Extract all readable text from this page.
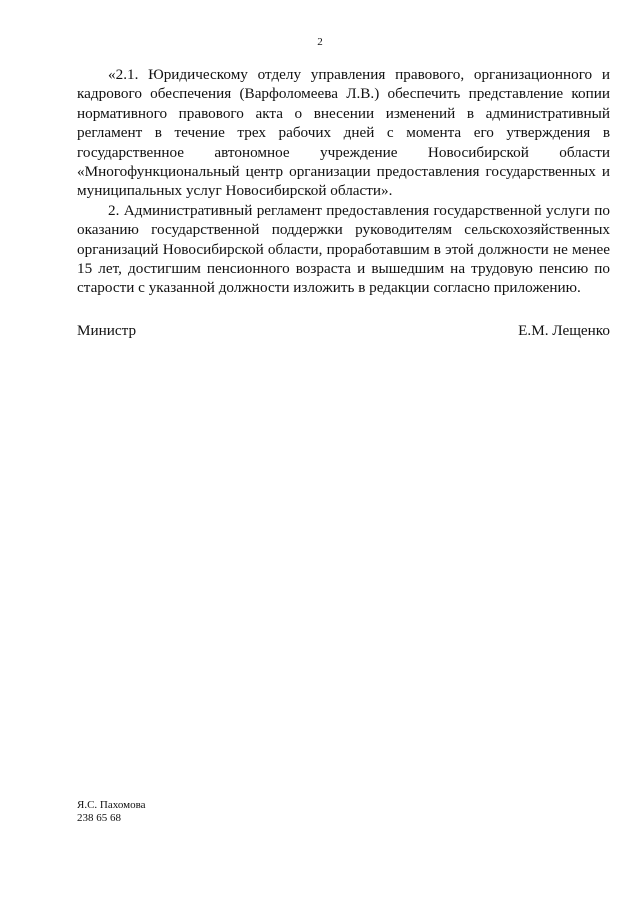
2

«2.1. Юридическому отделу управления правового, организационного и кадрового обеспечения (Варфоломеева Л.В.) обеспечить представление копии нормативного правового акта о внесении изменений в административный регламент в течение трех рабочих дней с момента его утверждения в государственное автономное учреждение Новосибирской области «Многофункциональный центр организации предоставления государственных и муниципальных услуг Новосибирской области».

2. Административный регламент предоставления государственной услуги по оказанию государственной поддержки руководителям сельскохозяйственных организаций Новосибирской области, проработавшим в этой должности не менее 15 лет, достигшим пенсионного возраста и вышедшим на трудовую пенсию по старости с указанной должности изложить в редакции согласно приложению.

Министр	Е.М. Лещенко
Я.С. Пахомова
238 65 68
